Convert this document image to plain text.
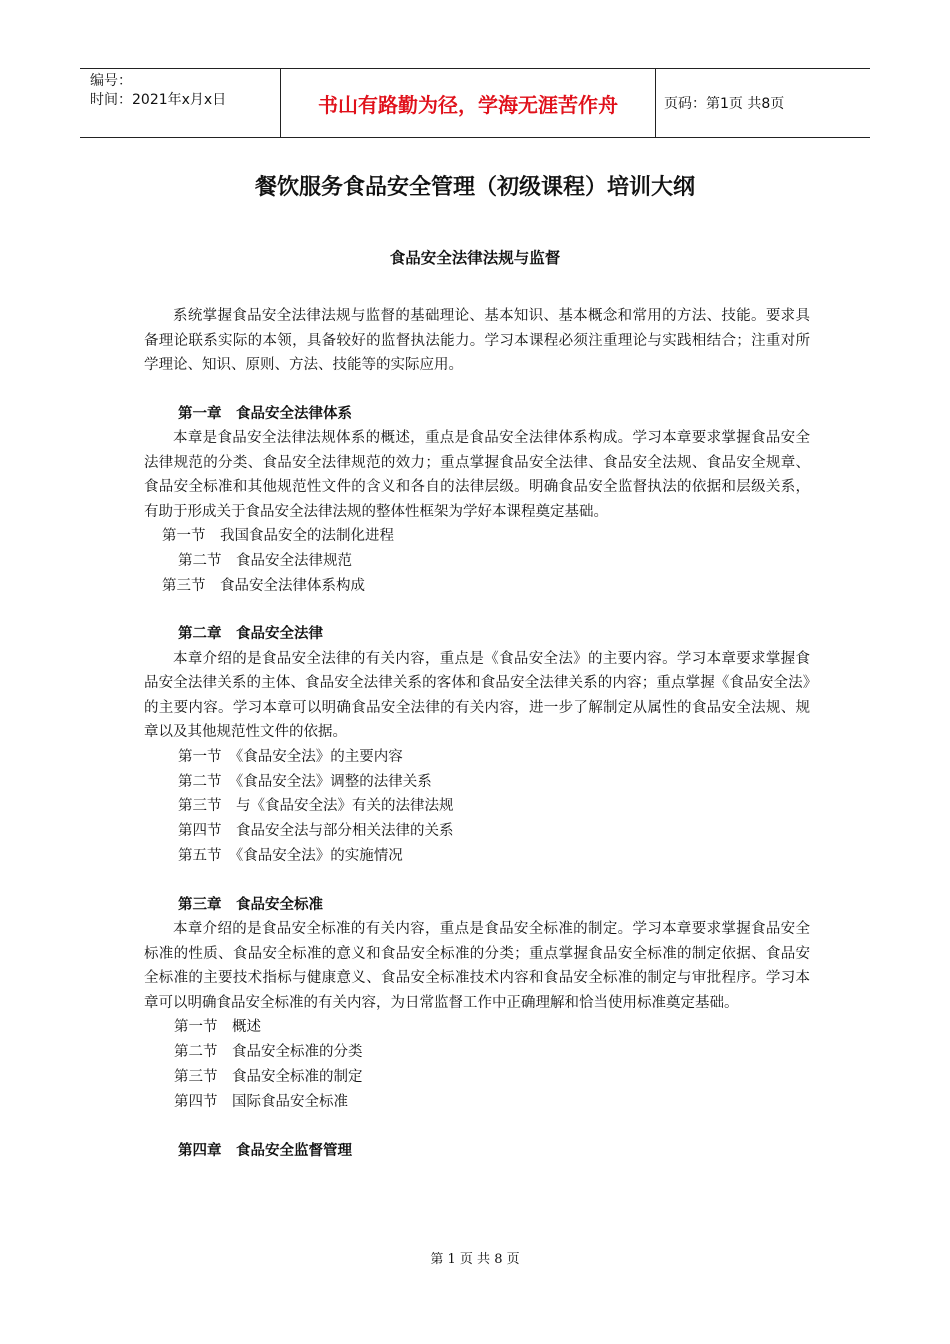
编号：
时间：2021年x月x日	书山有路勤为径，学海无涯苦作舟	页码：第1页 共8页
餐饮服务食品安全管理（初级课程）培训大纲
食品安全法律法规与监督

系统掌握食品安全法律法规与监督的基础理论、基本知识、基本概念和常用的方法、技能。要求具备理论联系实际的本领，具备较好的监督执法能力。学习本课程必须注重理论与实践相结合；注重对所学理论、知识、原则、方法、技能等的实际应用。

第一章　食品安全法律体系

本章是食品安全法律法规体系的概述，重点是食品安全法律体系构成。学习本章要求掌握食品安全法律规范的分类、食品安全法律规范的效力；重点掌握食品安全法律、食品安全法规、食品安全规章、食品安全标准和其他规范性文件的含义和各自的法律层级。明确食品安全监督执法的依据和层级关系，有助于形成关于食品安全法律法规的整体性框架为学好本课程奠定基础。

第一节　我国食品安全的法制化进程
第二节　食品安全法律规范
第三节　食品安全法律体系构成
第二章　食品安全法律

本章介绍的是食品安全法律的有关内容，重点是《食品安全法》的主要内容。学习本章要求掌握食品安全法律关系的主体、食品安全法律关系的客体和食品安全法律关系的内容；重点掌握《食品安全法》的主要内容。学习本章可以明确食品安全法律的有关内容，进一步了解制定从属性的食品安全法规、规章以及其他规范性文件的依据。

第一节　《食品安全法》的主要内容
第二节　《食品安全法》调整的法律关系
第三节　与《食品安全法》有关的法律法规
第四节　食品安全法与部分相关法律的关系
第五节　《食品安全法》的实施情况
第三章　食品安全标准

本章介绍的是食品安全标准的有关内容，重点是食品安全标准的制定。学习本章要求掌握食品安全标准的性质、食品安全标准的意义和食品安全标准的分类；重点掌握食品安全标准的制定依据、食品安全标准的主要技术指标与健康意义、食品安全标准技术内容和食品安全标准的制定与审批程序。学习本章可以明确食品安全标准的有关内容，为日常监督工作中正确理解和恰当使用标准奠定基础。

第一节　概述
第二节　食品安全标准的分类
第三节　食品安全标准的制定
第四节　国际食品安全标准
第四章　食品安全监督管理
第 1 页 共 8 页
